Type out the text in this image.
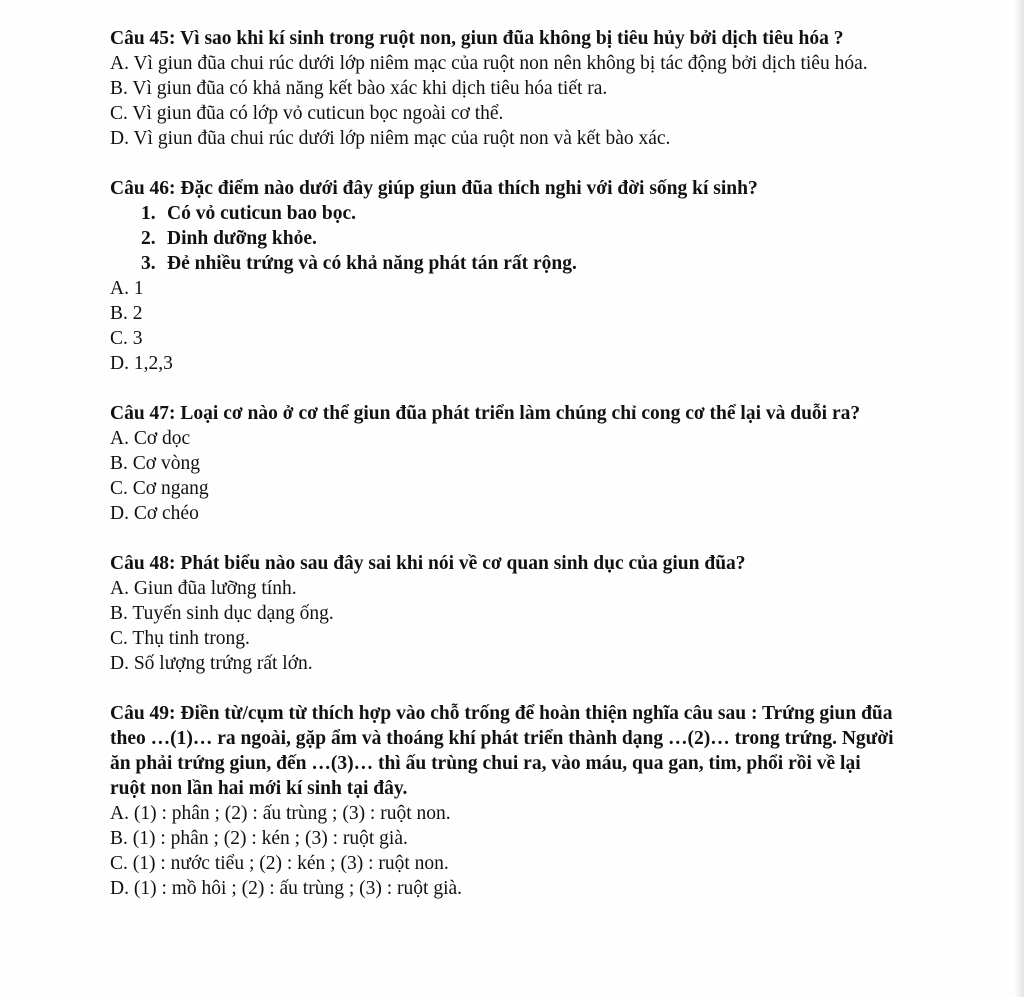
Câu 45: Vì sao khi kí sinh trong ruột non, giun đũa không bị tiêu hủy bởi dịch tiêu hóa ?

A. Vì giun đũa chui rúc dưới lớp niêm mạc của ruột non nên không bị tác động bởi dịch tiêu hóa.

B. Vì giun đũa có khả năng kết bào xác khi dịch tiêu hóa tiết ra.

C. Vì giun đũa có lớp vỏ cuticun bọc ngoài cơ thể.

D. Vì giun đũa chui rúc dưới lớp niêm mạc của ruột non và kết bào xác.

Câu 46: Đặc điểm nào dưới đây giúp giun đũa thích nghi với đời sống kí sinh?

1. Có vỏ cuticun bao bọc.

2. Dinh dưỡng khỏe.

3. Đẻ nhiều trứng và có khả năng phát tán rất rộng.

A. 1

B. 2

C. 3

D. 1,2,3

Câu 47: Loại cơ nào ở cơ thể giun đũa phát triển làm chúng chỉ cong cơ thể lại và duỗi ra?

A. Cơ dọc

B. Cơ vòng

C. Cơ ngang

D. Cơ chéo

Câu 48: Phát biểu nào sau đây sai khi nói về cơ quan sinh dục của giun đũa?

A. Giun đũa lưỡng tính.

B. Tuyến sinh dục dạng ống.

C. Thụ tinh trong.

D. Số lượng trứng rất lớn.

Câu 49: Điền từ/cụm từ thích hợp vào chỗ trống để hoàn thiện nghĩa câu sau : Trứng giun đũa theo …(1)… ra ngoài, gặp ẩm và thoáng khí phát triển thành dạng …(2)… trong trứng. Người ăn phải trứng giun, đến …(3)… thì ấu trùng chui ra, vào máu, qua gan, tim, phổi rồi về lại ruột non lần hai mới kí sinh tại đây.

A. (1) : phân ; (2) : ấu trùng ; (3) : ruột non.

B. (1) : phân ; (2) : kén ; (3) : ruột già.

C. (1) : nước tiểu ; (2) : kén ; (3) : ruột non.

D. (1) : mồ hôi ; (2) : ấu trùng ; (3) : ruột già.
